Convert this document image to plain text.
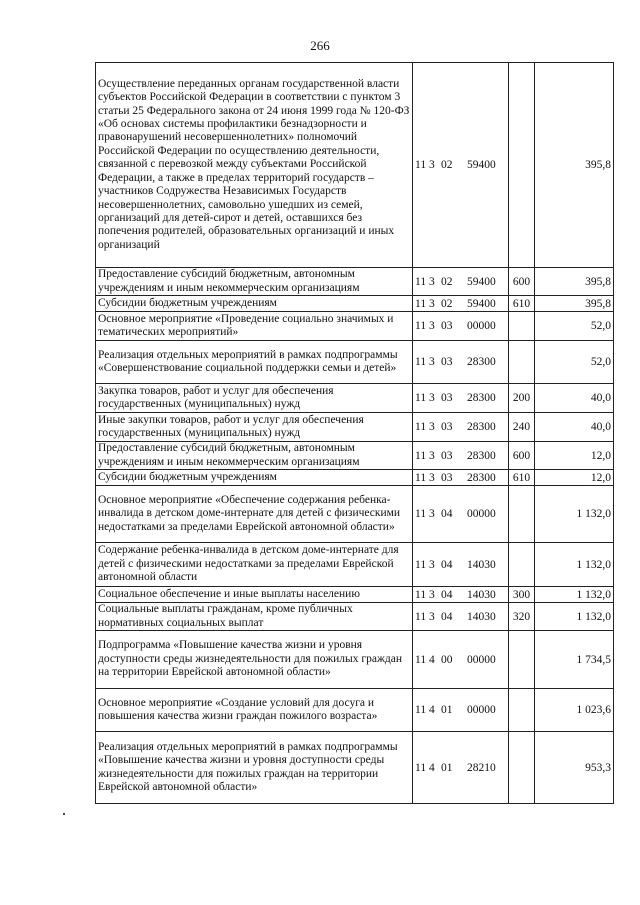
266
Осуществление переданных органам государственной власти субъектов Российской Федерации в соответствии с пунктом 3 статьи 25 Федерального закона от 24 июня 1999 года № 120-ФЗ «Об основах системы профилактики безнадзорности и правонарушений несовершеннолетних» полномочий Российской Федерации по осуществлению деятельности, связанной с перевозкой между субъектами Российской Федерации, а также в пределах территорий государств – участников Содружества Независимых Государств несовершеннолетних, самовольно ушедших из семей, организаций для детей-сирот и детей, оставшихся без попечения родителей, образовательных организаций и иных организаций	11 3 02 59400		395,8
Предоставление субсидий бюджетным, автономным учреждениям и иным некоммерческим организациям	11 3 02 59400	600	395,8
Субсидии бюджетным учреждениям	11 3 02 59400	610	395,8
Основное мероприятие «Проведение социально значимых и тематических мероприятий»	11 3 03 00000		52,0
Реализация отдельных мероприятий в рамках подпрограммы «Совершенствование социальной поддержки семьи и детей»	11 3 03 28300		52,0
Закупка товаров, работ и услуг для обеспечения государственных (муниципальных) нужд	11 3 03 28300	200	40,0
Иные закупки товаров, работ и услуг для обеспечения государственных (муниципальных) нужд	11 3 03 28300	240	40,0
Предоставление субсидий бюджетным, автономным учреждениям и иным некоммерческим организациям	11 3 03 28300	600	12,0
Субсидии бюджетным учреждениям	11 3 03 28300	610	12,0
Основное мероприятие «Обеспечение содержания ребенка-инвалида в детском доме-интернате для детей с физическими недостатками за пределами Еврейской автономной области»	11 3 04 00000		1 132,0
Содержание ребенка-инвалида в детском доме-интернате для детей с физическими недостатками за пределами Еврейской автономной области	11 3 04 14030		1 132,0
Социальное обеспечение и иные выплаты населению	11 3 04 14030	300	1 132,0
Социальные выплаты гражданам, кроме публичных нормативных социальных выплат	11 3 04 14030	320	1 132,0
Подпрограмма «Повышение качества жизни и уровня доступности среды жизнедеятельности для пожилых граждан на территории Еврейской автономной области»	11 4 00 00000		1 734,5
Основное мероприятие «Создание условий для досуга и повышения качества жизни граждан пожилого возраста»	11 4 01 00000		1 023,6
Реализация отдельных мероприятий в рамках подпрограммы «Повышение качества жизни и уровня доступности среды жизнедеятельности для пожилых граждан на территории Еврейской автономной области»	11 4 01 28210		953,3
